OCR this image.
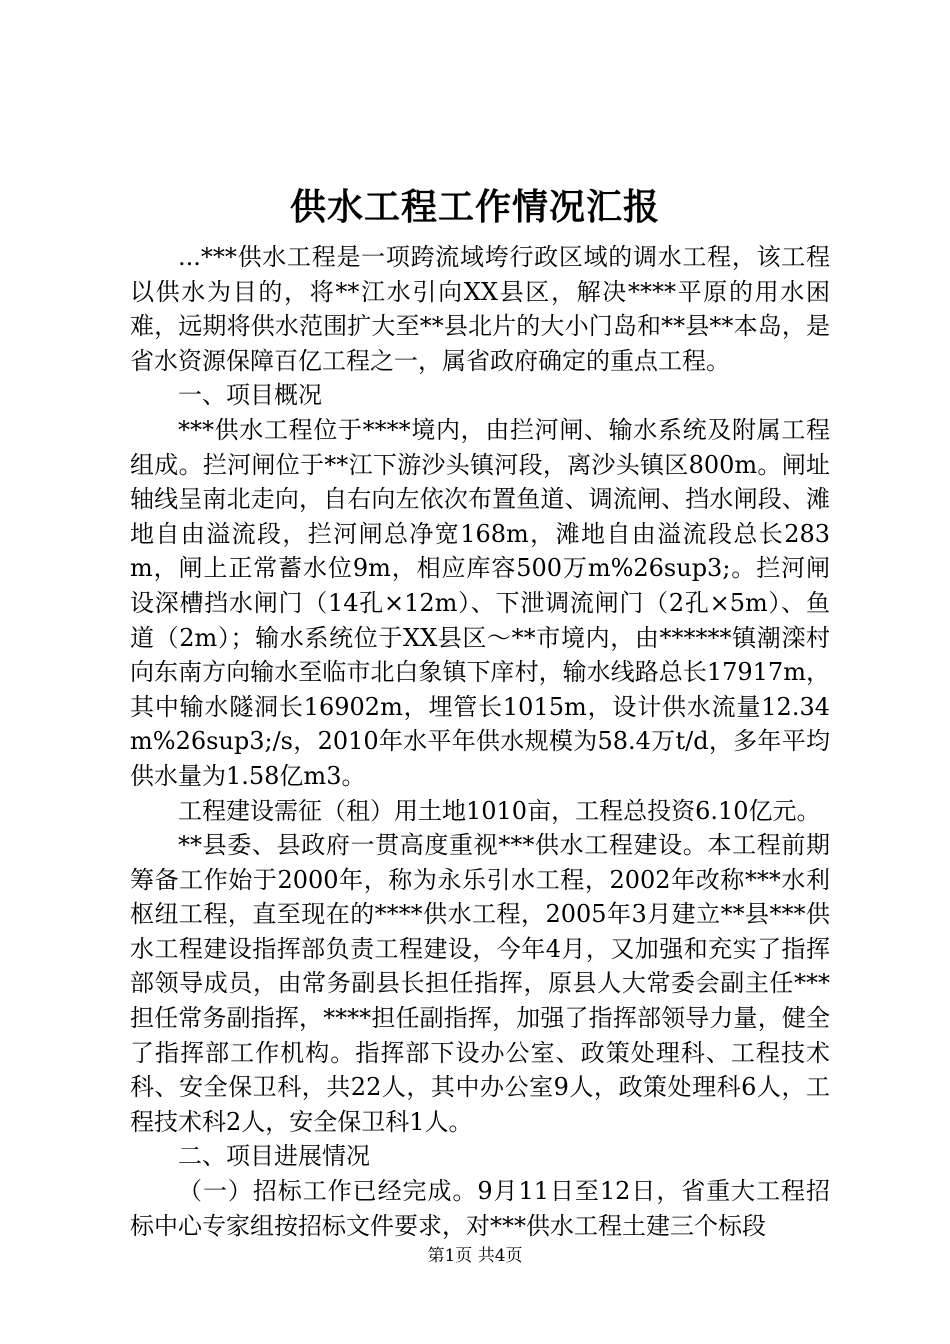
供水工程工作情况汇报

...***供水工程是一项跨流域垮行政区域的调水工程，该工程以供水为目的，将**江水引向XX县区，解决****平原的用水困难，远期将供水范围扩大至**县北片的大小门岛和**县**本岛，是省水资源保障百亿工程之一，属省政府确定的重点工程。

一、项目概况

***供水工程位于****境内，由拦河闸、输水系统及附属工程组成。拦河闸位于**江下游沙头镇河段，离沙头镇区800m。闸址轴线呈南北走向，自右向左依次布置鱼道、调流闸、挡水闸段、滩地自由溢流段，拦河闸总净宽168m，滩地自由溢流段总长283m，闸上正常蓄水位9m，相应库容500万m%26sup3;。拦河闸设深槽挡水闸门（14孔×12m）、下泄调流闸门（2孔×5m）、鱼道（2m）；输水系统位于XX县区～**市境内，由******镇潮滦村向东南方向输水至临市北白象镇下庠村，输水线路总长17917m，其中输水隧洞长16902m，埋管长1015m，设计供水流量12.34m%26sup3;/s，2010年水平年供水规模为58.4万t/d，多年平均供水量为1.58亿m3。

工程建设需征（租）用土地1010亩，工程总投资6.10亿元。

**县委、县政府一贯高度重视***供水工程建设。本工程前期筹备工作始于2000年，称为永乐引水工程，2002年改称***水利枢纽工程，直至现在的****供水工程，2005年3月建立**县***供水工程建设指挥部负责工程建设，今年4月，又加强和充实了指挥部领导成员，由常务副县长担任指挥，原县人大常委会副主任***担任常务副指挥，****担任副指挥，加强了指挥部领导力量，健全了指挥部工作机构。指挥部下设办公室、政策处理科、工程技术科、安全保卫科，共22人，其中办公室9人，政策处理科6人，工程技术科2人，安全保卫科1人。

二、项目进展情况

（一）招标工作已经完成。9月11日至12日，省重大工程招标中心专家组按招标文件要求，对***供水工程土建三个标段

第1页 共4页
